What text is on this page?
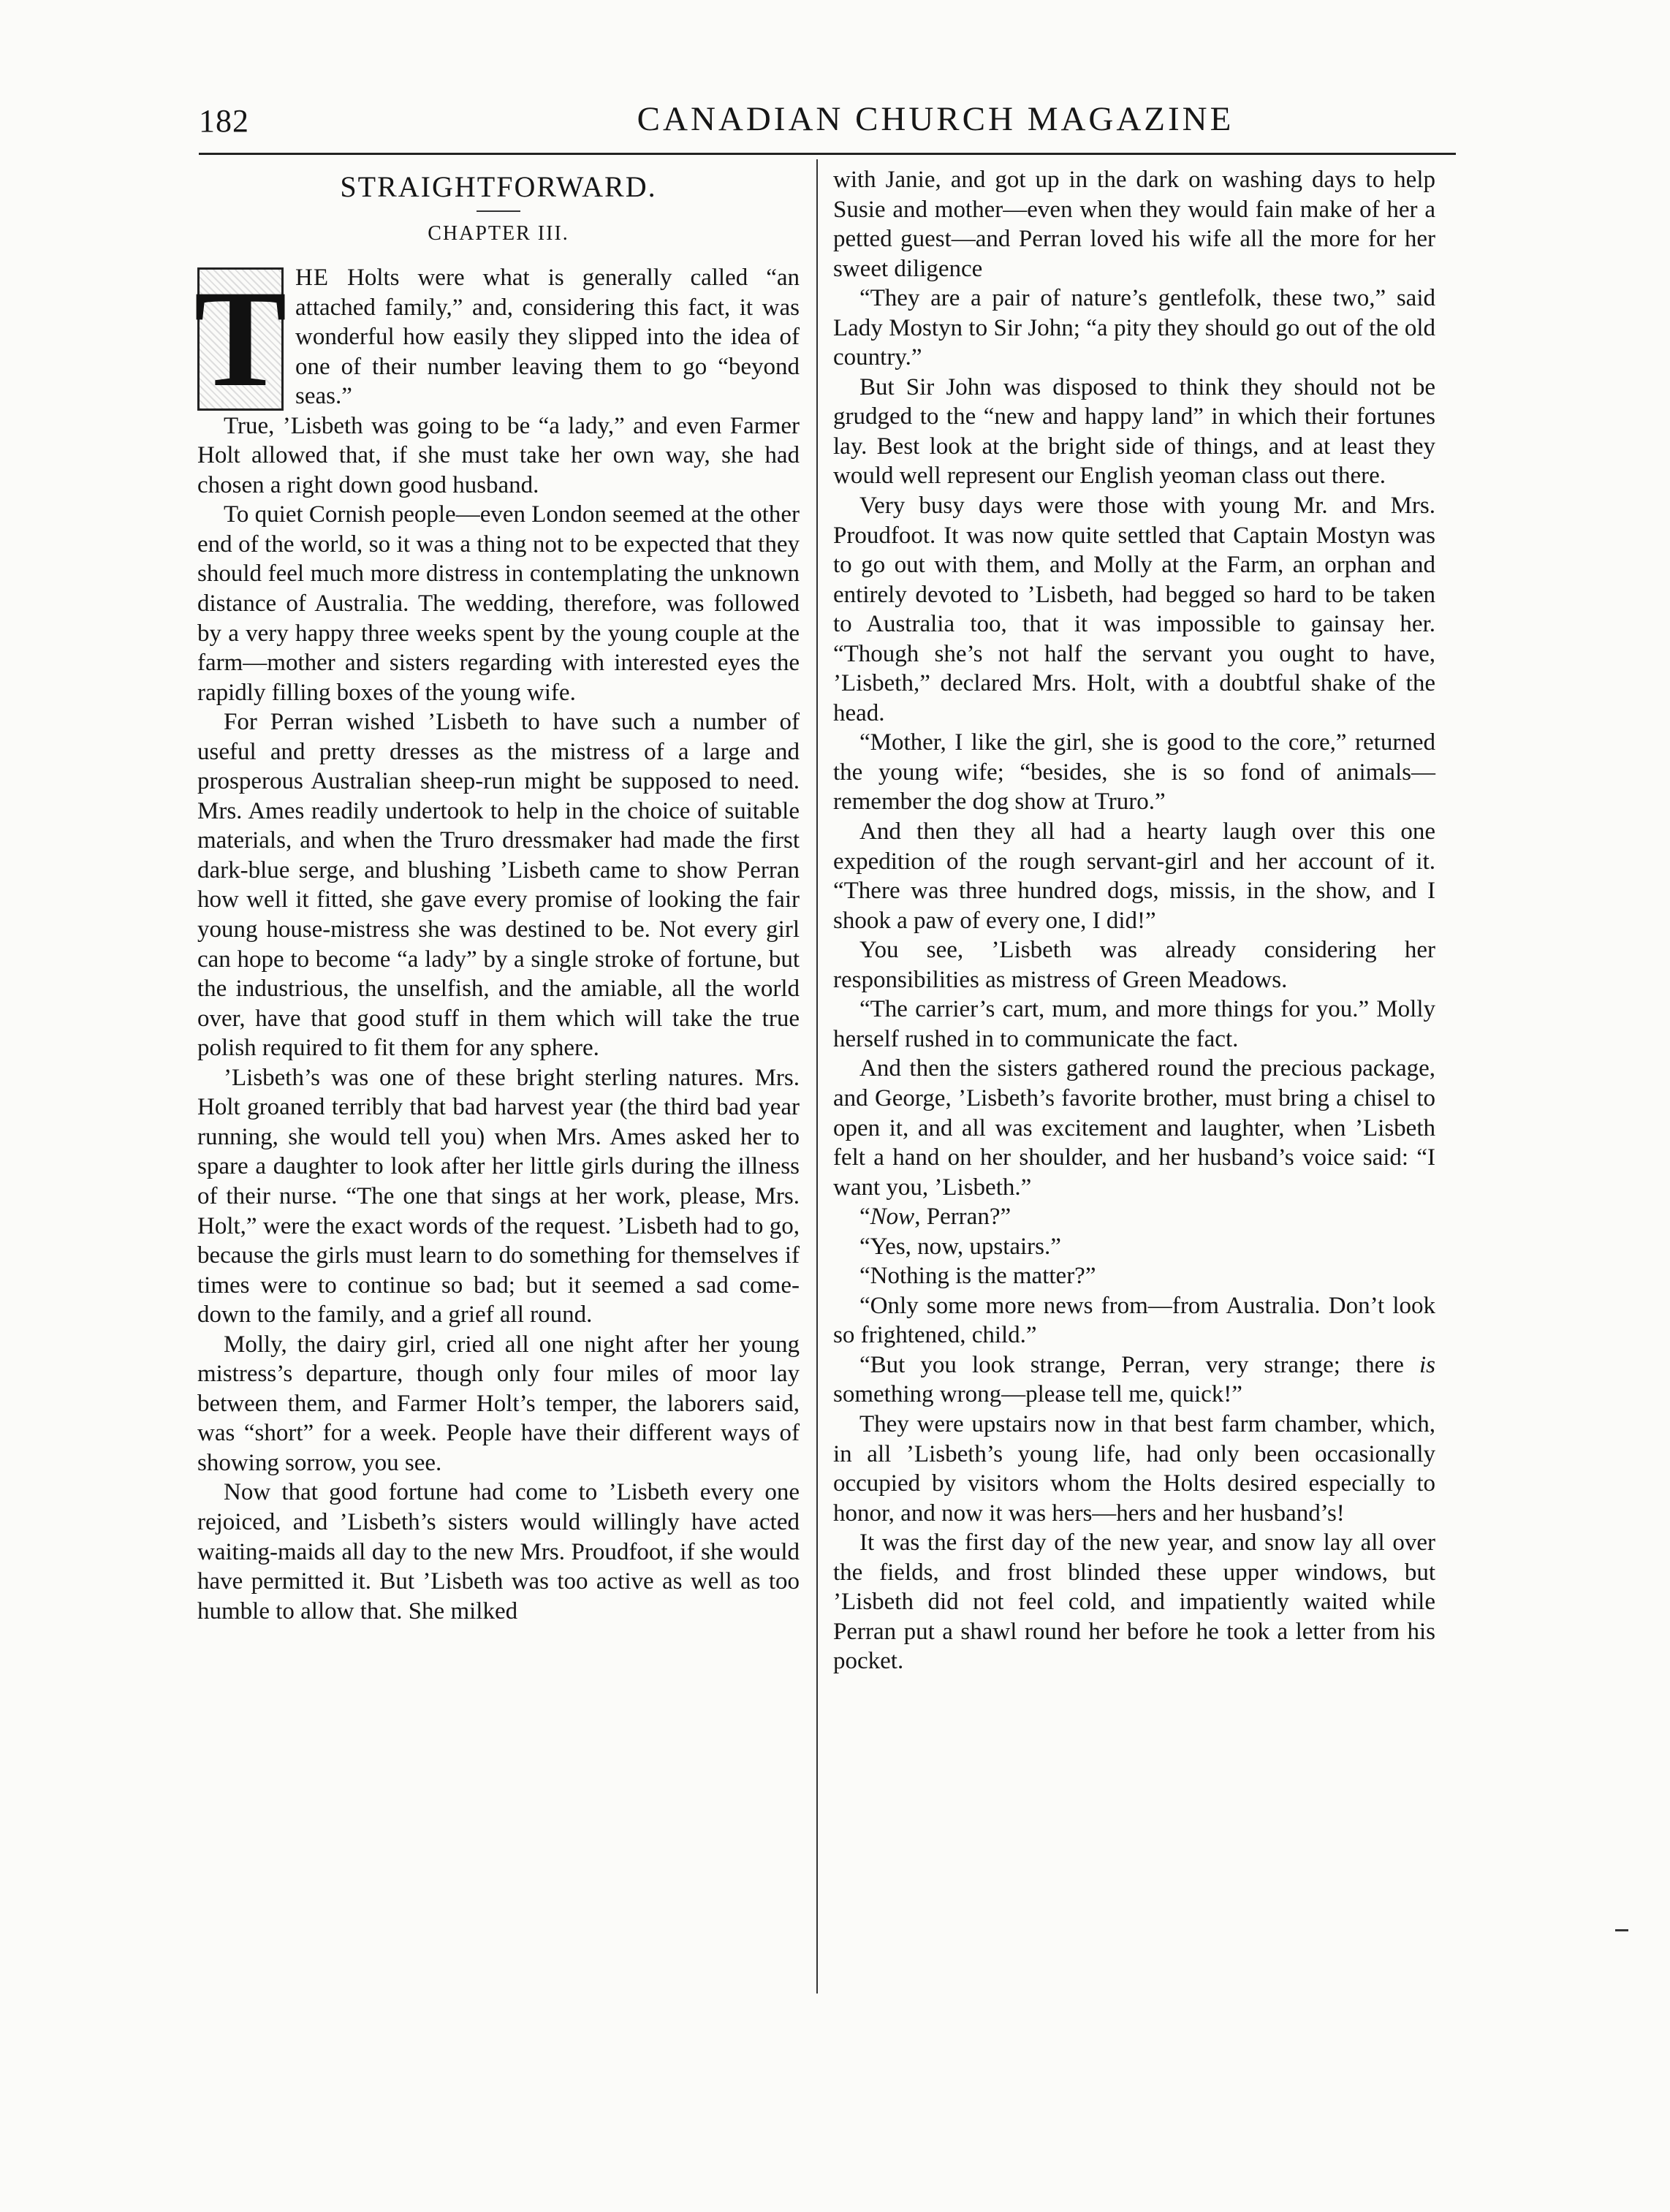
182	CANADIAN CHURCH MAGAZINE
STRAIGHTFORWARD.
CHAPTER III.

T HE Holts were what is generally called “an attached family,” and, considering this fact, it was wonderful how easily they slipped into the idea of one of their number leaving them to go “beyond seas.”

True, ’Lisbeth was going to be “a lady,” and even Farmer Holt allowed that, if she must take her own way, she had chosen a right down good husband.

To quiet Cornish people—even London seemed at the other end of the world, so it was a thing not to be expected that they should feel much more distress in contemplating the unknown distance of Australia. The wedding, therefore, was followed by a very happy three weeks spent by the young couple at the farm—mother and sisters regarding with interested eyes the rapidly filling boxes of the young wife.

For Perran wished ’Lisbeth to have such a number of useful and pretty dresses as the mistress of a large and prosperous Australian sheep-run might be supposed to need. Mrs. Ames readily undertook to help in the choice of suitable materials, and when the Truro dressmaker had made the first dark-blue serge, and blushing ’Lisbeth came to show Perran how well it fitted, she gave every promise of looking the fair young house-mistress she was destined to be. Not every girl can hope to become “a lady” by a single stroke of fortune, but the industrious, the unselfish, and the amiable, all the world over, have that good stuff in them which will take the true polish required to fit them for any sphere.

’Lisbeth’s was one of these bright sterling natures. Mrs. Holt groaned terribly that bad harvest year (the third bad year running, she would tell you) when Mrs. Ames asked her to spare a daughter to look after her little girls during the illness of their nurse. “The one that sings at her work, please, Mrs. Holt,” were the exact words of the request. ’Lisbeth had to go, because the girls must learn to do something for themselves if times were to continue so bad; but it seemed a sad come-down to the family, and a grief all round.

Molly, the dairy girl, cried all one night after her young mistress’s departure, though only four miles of moor lay between them, and Farmer Holt’s temper, the laborers said, was “short” for a week. People have their different ways of showing sorrow, you see.

Now that good fortune had come to ’Lisbeth every one rejoiced, and ’Lisbeth’s sisters would willingly have acted waiting-maids all day to the new Mrs. Proudfoot, if she would have permitted it. But ’Lisbeth was too active as well as too humble to allow that. She milked

with Janie, and got up in the dark on washing days to help Susie and mother—even when they would fain make of her a petted guest—and Perran loved his wife all the more for her sweet diligence

“They are a pair of nature’s gentlefolk, these two,” said Lady Mostyn to Sir John; “a pity they should go out of the old country.”

But Sir John was disposed to think they should not be grudged to the “new and happy land” in which their fortunes lay. Best look at the bright side of things, and at least they would well represent our English yeoman class out there.

Very busy days were those with young Mr. and Mrs. Proudfoot. It was now quite settled that Captain Mostyn was to go out with them, and Molly at the Farm, an orphan and entirely devoted to ’Lisbeth, had begged so hard to be taken to Australia too, that it was impossible to gainsay her. “Though she’s not half the servant you ought to have, ’Lisbeth,” declared Mrs. Holt, with a doubtful shake of the head.

“Mother, I like the girl, she is good to the core,” returned the young wife; “besides, she is so fond of animals—remember the dog show at Truro.”

And then they all had a hearty laugh over this one expedition of the rough servant-girl and her account of it. “There was three hundred dogs, missis, in the show, and I shook a paw of every one, I did!”

You see, ’Lisbeth was already considering her responsibilities as mistress of Green Meadows.

“The carrier’s cart, mum, and more things for you.” Molly herself rushed in to communicate the fact.

And then the sisters gathered round the precious package, and George, ’Lisbeth’s favorite brother, must bring a chisel to open it, and all was excitement and laughter, when ’Lisbeth felt a hand on her shoulder, and her husband’s voice said: “I want you, ’Lisbeth.”

“Now, Perran?”

“Yes, now, upstairs.”

“Nothing is the matter?”

“Only some more news from—from Australia. Don’t look so frightened, child.”

“But you look strange, Perran, very strange; there is something wrong—please tell me, quick!”

They were upstairs now in that best farm chamber, which, in all ’Lisbeth’s young life, had only been occasionally occupied by visitors whom the Holts desired especially to honor, and now it was hers—hers and her husband’s!

It was the first day of the new year, and snow lay all over the fields, and frost blinded these upper windows, but ’Lisbeth did not feel cold, and impatiently waited while Perran put a shawl round her before he took a letter from his pocket.
